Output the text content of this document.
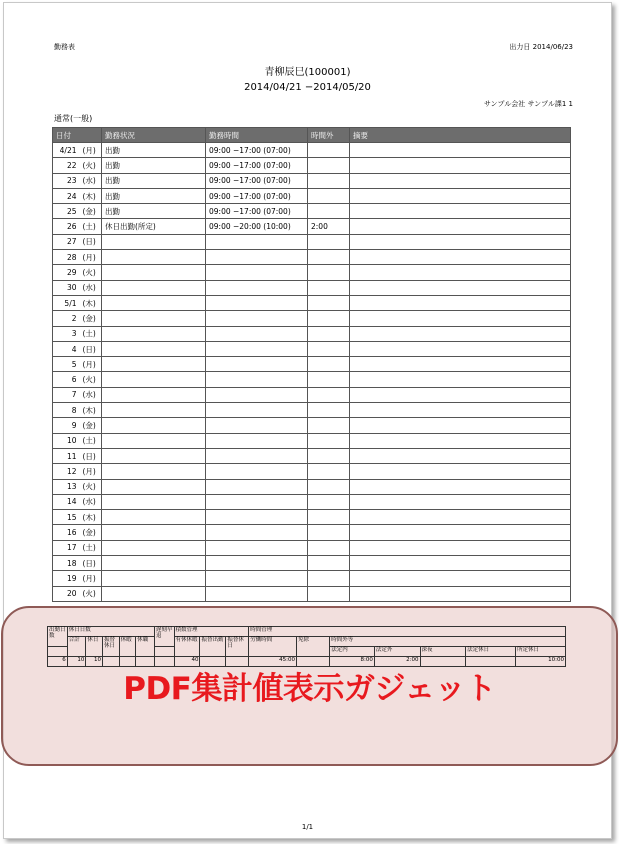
勤務表	出力日 2014/06/23
青柳辰巳(100001)
2014/04/21 −2014/05/20
サンプル会社 サンプル課1 1
通常(一般)
日付		勤務状況	勤務時間	時間外	摘要
4/21	(月)	出勤	09:00 −17:00 (07:00)		
22	(火)	出勤	09:00 −17:00 (07:00)		
23	(水)	出勤	09:00 −17:00 (07:00)		
24	(木)	出勤	09:00 −17:00 (07:00)		
25	(金)	出勤	09:00 −17:00 (07:00)		
26	(土)	休日出勤(所定)	09:00 −20:00 (10:00)	2:00	
27	(日)				
28	(月)				
29	(火)				
30	(水)				
5/1	(木)				
2	(金)				
3	(土)				
4	(日)				
5	(月)				
6	(火)				
7	(水)				
8	(木)				
9	(金)				
10	(土)				
11	(日)				
12	(月)				
13	(火)				
14	(水)				
15	(木)				
16	(金)				
17	(土)				
18	(日)				
19	(月)				
20	(火)				
1/1
出勤日数	休日日数					遅刻早退	積数管理			時間管理						
	合計	休日	振替休日	休暇	休職		有休休暇	振替出勤	振替休日	労働時間	免除	時間外等				
												法定内	法定外	深夜	法定休日	所定休日
6	10	10					40			45:00		8:00	2:00			10:00
PDF集計値表示ガジェット
